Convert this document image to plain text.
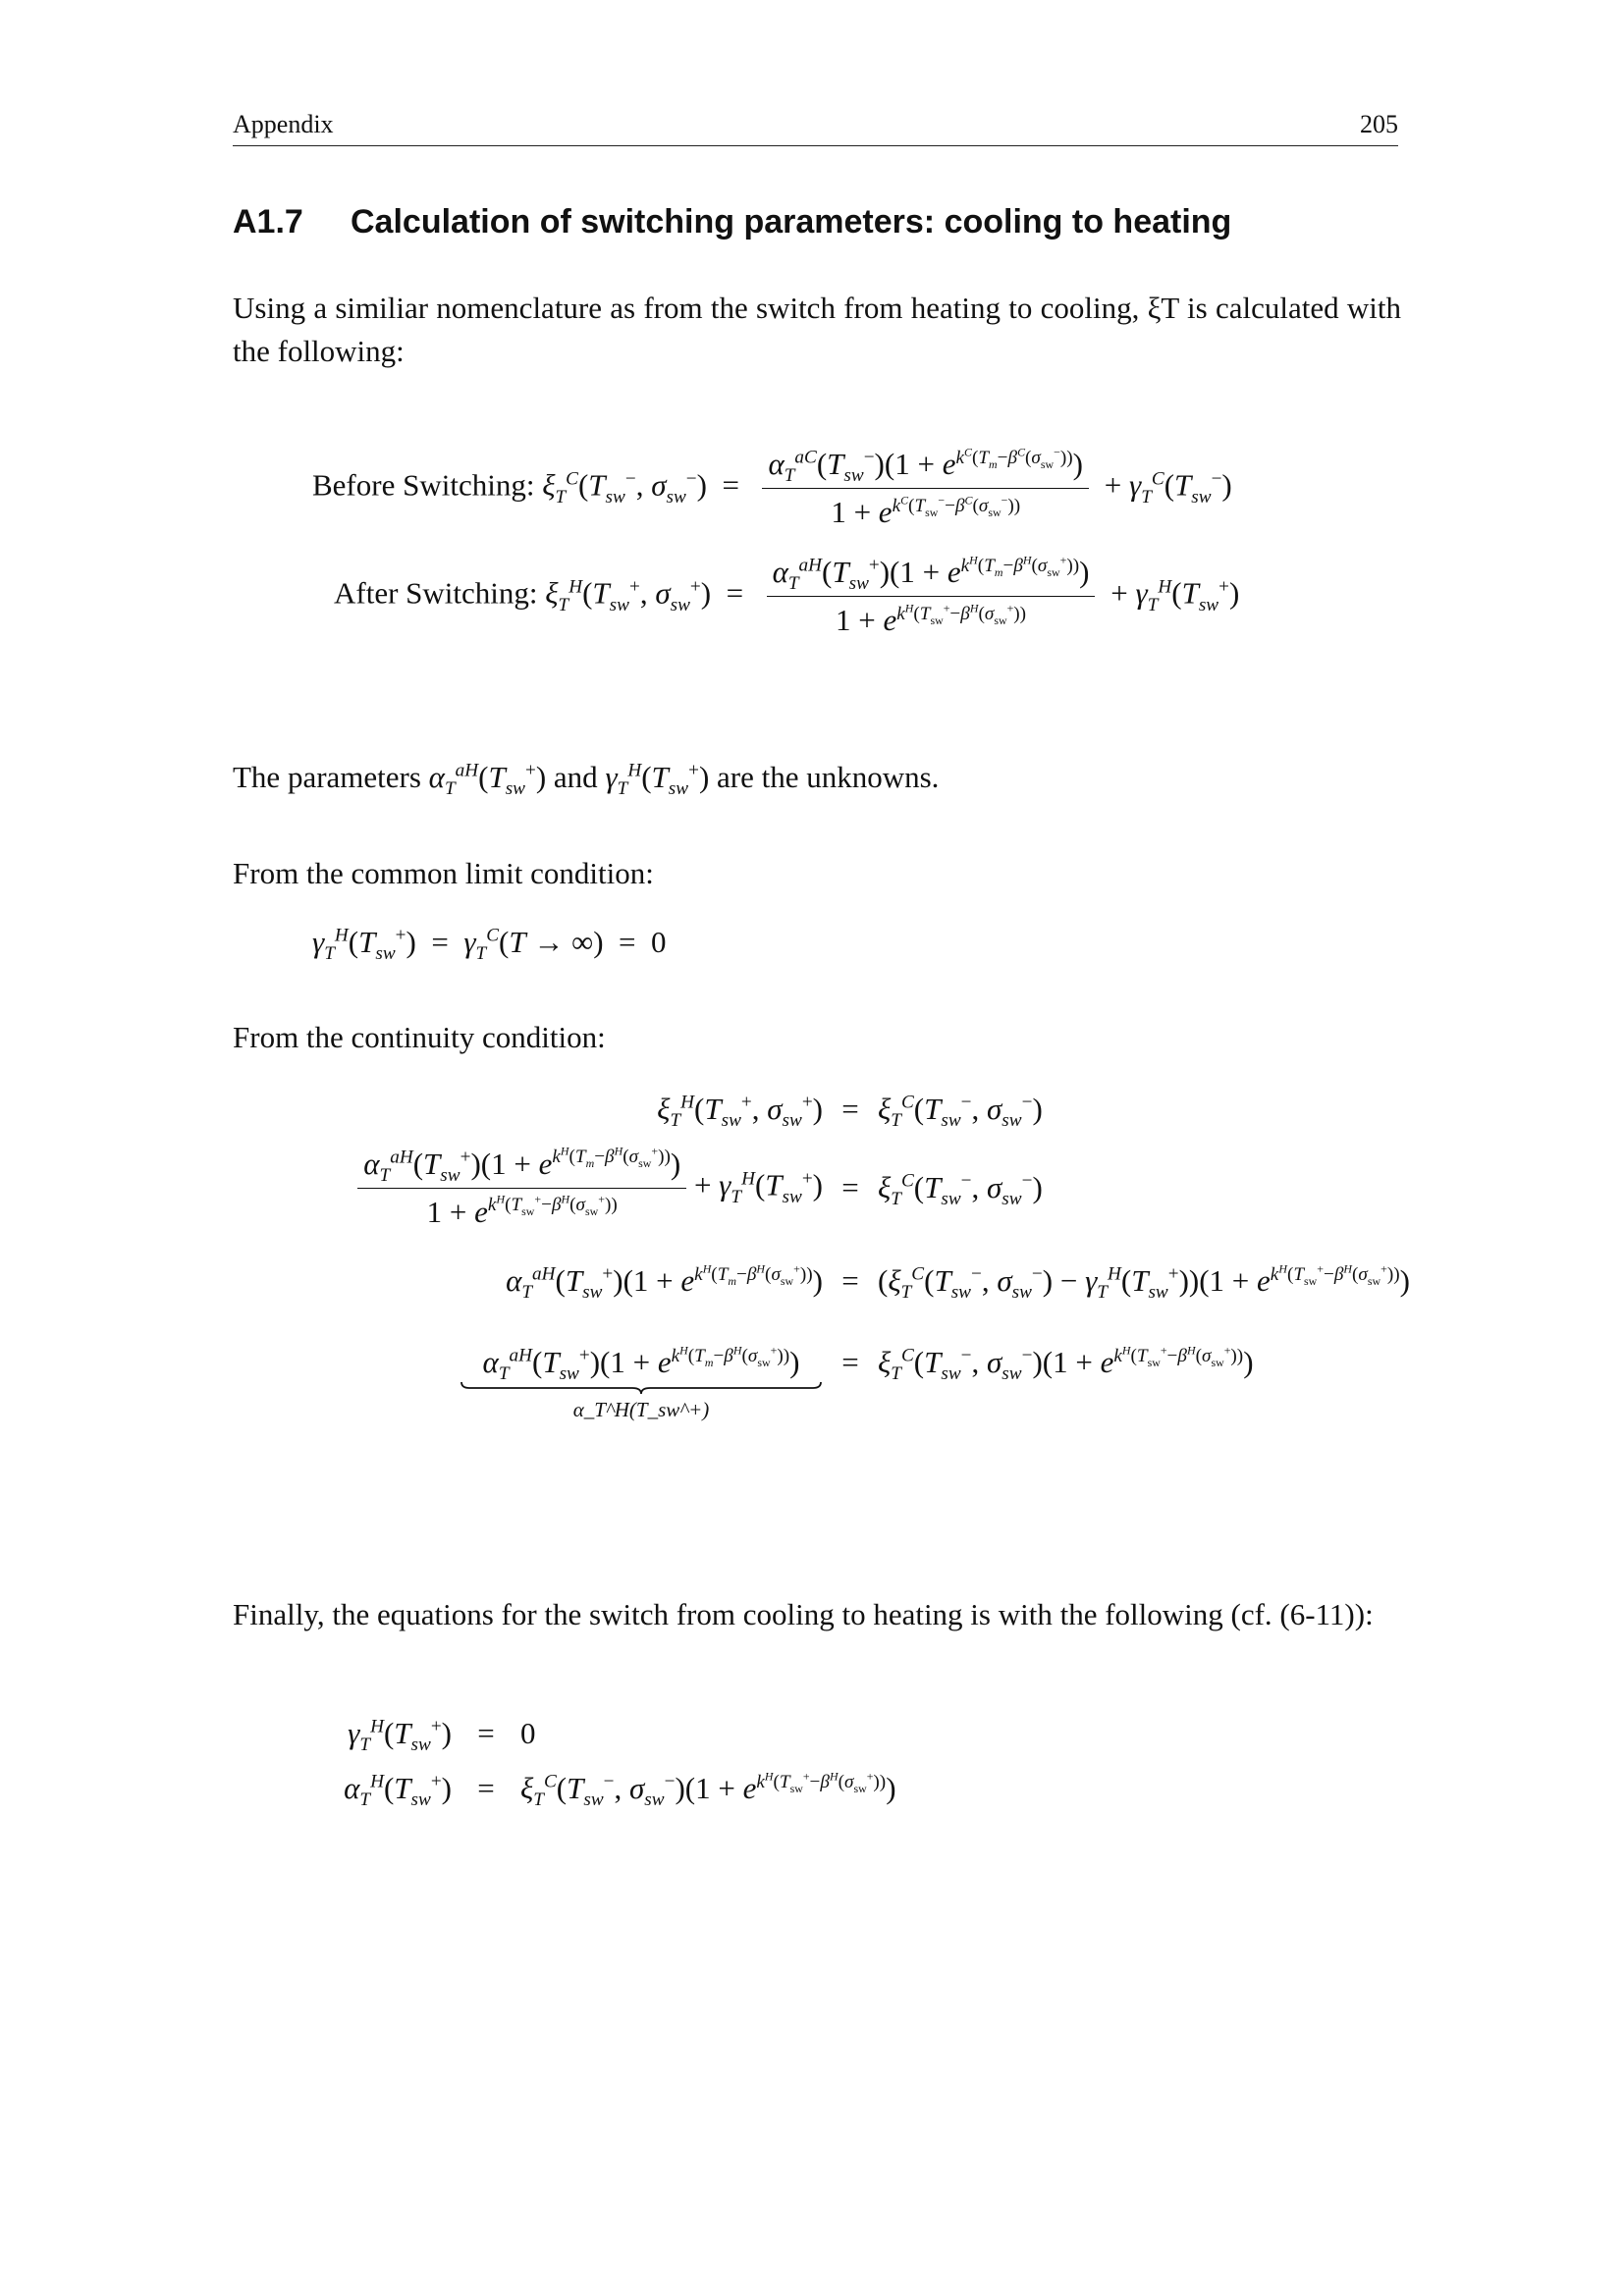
Appendix	205
A1.7 Calculation of switching parameters: cooling to heating
Using a similiar nomenclature as from the switch from heating to cooling, ξT is calculated with the following:
Before Switching: $\xi_T^C(T_{sw}^-$, $\sigma_{sw}^-) = \frac{\alpha_T^{aC}(T_{sw}^-)(1 + e^{k^C(T_m-\beta^C(\sigma_{sw}^-))})}{1 + e^{k^C(T_{sw}^--\beta^C(\sigma_{sw}^-))}} + \gamma_T^C(T_{sw}^-)$
After Switching: $\xi_T^H(T_{sw}^+$, $\sigma_{sw}^+) = \frac{\alpha_T^{aH}(T_{sw}^+)(1 + e^{k^H(T_m-\beta^H(\sigma_{sw}^+))})}{1 + e^{k^H(T_{sw}^+-\beta^H(\sigma_{sw}^+))}} + \gamma_T^H(T_{sw}^+)$
The parameters $\alpha_T^{aH}(T_{sw}^+)$ and $\gamma_T^H(T_{sw}^+)$ are the unknowns.
From the common limit condition:
$\gamma_T^H(T_{sw}^+) = \gamma_T^C(T$ → ∞)  =  0
From the continuity condition:
$\xi_T^H(T_{sw}^+$, $\sigma_{sw}^+) = \xi_T^C(T_{sw}^-$, $\sigma_{sw}^-$)
$\frac{\alpha_T^{aH}(T_{sw}^+)(1 + e^{k^H(T_m-\beta^H(\sigma_{sw}^+))})}{1 + e^{k^H(T_{sw}^+-\beta^H(\sigma_{sw}^+))}} + \gamma_T^H(T_{sw}^+) = \xi_T^C(T_{sw}^-$, $\sigma_{sw}^-$)
$\alpha_T^{aH}(T_{sw}^+)(1 + e^{k^H(T_m-\beta^H(\sigma_{sw}^+))}) = (\xi_T^C(T_{sw}^-$, $\sigma_{sw}^-) - \gamma_T^H(T_{sw}^+))(1 + e^{k^H(T_{sw}^+-\beta^H(\sigma_{sw}^+))})$
$\alpha_T^{aH}(T_{sw}^+)(1 + e^{k^H(T_m-\beta^H(\sigma_{sw}^+))})$
α_T^H(T_sw^+)
= $\xi_T^C(T_{sw}^-$, $\sigma_{sw}^-)(1 + e^{k^H(T_{sw}^+-\beta^H(\sigma_{sw}^+))})$
Finally, the equations for the switch from cooling to heating is with the following (cf. (6-11)):
$\gamma_T^H(T_{sw}^+) = 0$
$\alpha_T^H(T_{sw}^+) = \xi_T^C(T_{sw}^-$, $\sigma_{sw}^-)(1 + e^{k^H(T_{sw}^+-\beta^H(\sigma_{sw}^+))})$
